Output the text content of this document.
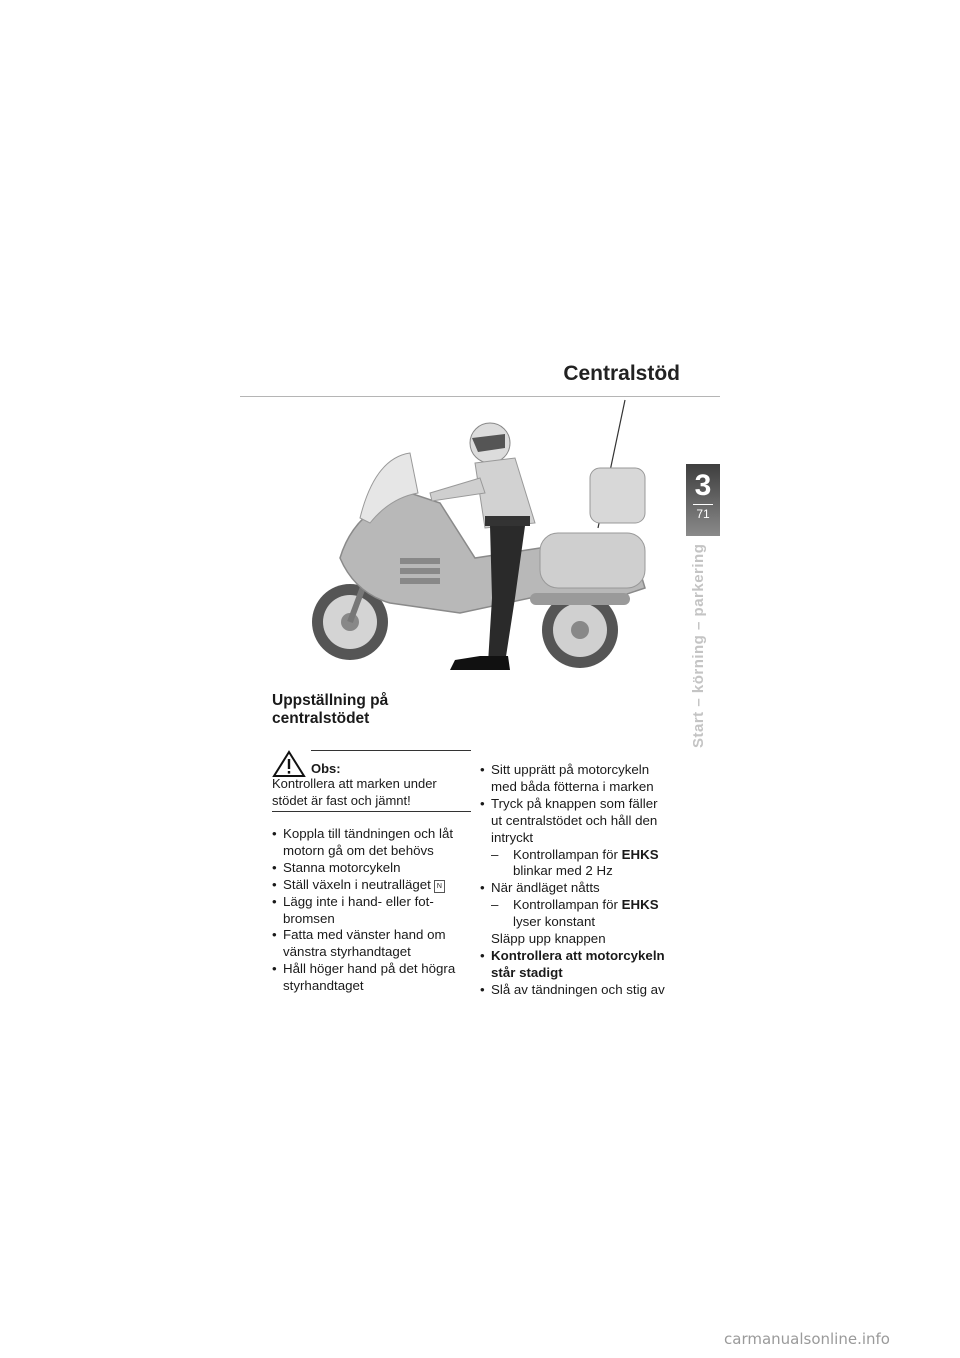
Centralstöd
3
71
Start – körning – parkering
Uppställning på
centralstödet
Obs:
Kontrollera att marken under stödet är fast och jämnt!
• Koppla till tändningen och låt
motorn gå om det behövs
• Stanna motorcykeln
• Ställ växeln i neutralläget N
• Lägg inte i hand- eller fot-
bromsen
• Fatta med vänster hand om
vänstra styrhandtaget
• Håll höger hand på det högra
styrhandtaget
• Sitt upprätt på motorcykeln
med båda fötterna i marken
• Tryck på knappen som fäller
ut centralstödet och håll den
intryckt
– Kontrollampan för EHKS
blinkar med 2 Hz
• När ändläget nåtts
– Kontrollampan för EHKS
lyser konstant
Släpp upp knappen
• Kontrollera att motorcykeln
står stadigt
• Slå av tändningen och stig av
carmanualsonline.info
